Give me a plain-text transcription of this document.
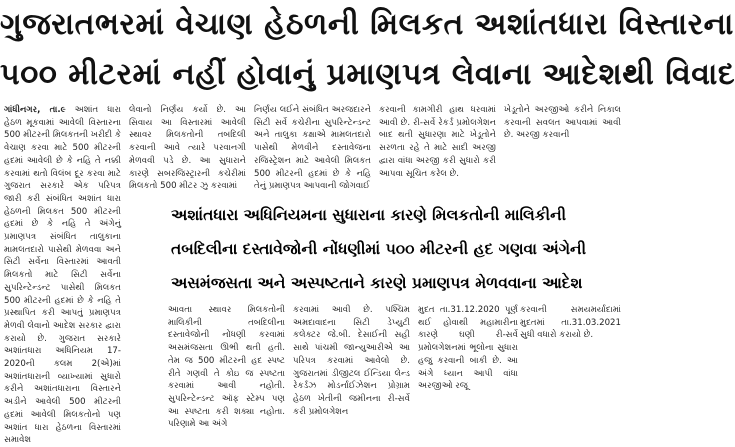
ગુજરાતભરમાં વેચાણ હેઠળની મિલકત અશાંતધારા વિસ્તારના
૫૦૦ મીટરમાં નહીં હોવાનું પ્રમાણપત્ર લેવાના આદેશથી વિવાદ

ગાંધીનગર, તા.૯ અશાંત ધારા હેઠળ મૂકવામાં આવેલી વિસ્તારના 500 મીટરની મિલકતની ખરીદી કે વેચાણ કરવા માટે 500 મીટરની હદમાં આવેલી છે કે નહિ તે નક્કી કરવામાં થતો વિલંબ દૂર કરવા માટે ગુજરાત સરકારે એક પરિપત્ર જારી કરી સંબંધિત અશાંત ધારા હેઠળની મિલકત 500 મીટરની હદમાં છે કે નહિ તે અંગેનું પ્રમાણપત્ર સંબંધિત તાલુકાના મામલતદારો પાસેથી મેળવવા અને સિટી સર્વેના વિસ્તારમાં આવતી મિલકતો માટે સિટી સર્વેના સુપરિન્ટેન્ડન્ટ પાસેથી મિલકત 500 મીટરની હદમાં છે કે નહિ તે પ્રસ્થાપિત કરી આપતું પ્રમાણપત્ર મેળવી લેવાનો આદેશ સરકાર દ્વારા કરાયો છે. ગુજરાત સરકારે અશાંતધારા અધિનિયમ 17-2020ની કલમ 2(એ)માં અશાંતધારાની વ્યાખ્યામાં સુધારો કરીને અશાંતધારાના વિસ્તારને અડીને આવેલી 500 મીટરની હદમાં આવેલી મિલકતોનો પણ અશાંત ધારા હેઠળના વિસ્તારમાં સમાવેશ

લેવાનો નિર્ણય કર્યો છે. આ સિવાય આ વિસ્તારમાં આવેલી સ્થાવર મિલકતોની તબદિલી કરવાની આવે ત્યારે પરવાનગી મેળવવી પડે છે. આ સુધારાને કારણે સબરજિસ્ટ્રારની કચેરીમાં મિલકતો 500 મીટર ઝુ કરવામાં

નિર્ણય લઈને સંબંધિત અરજદારને સિટી સર્વે કચેરીના સુપરિન્ટેન્ડન્ટ અને તાલુકા કક્ષાએ મામલતદારો પાસેથી મેળવીને દસ્તાવેજના રજિસ્ટ્રેશન માટે આવેલી મિલકત 500 મીટરની હદમાં છે કે નહિ તેનું પ્રમાણપત્ર આપવાની જોગવાઈ

કરવાની કામગીરી હાથ ધરવામાં આવી છે. રી-સર્વે રેકર્ડ પ્રમોલગેશન બાદ થતી સુધારણા માટે ખેડૂતોને સરળતા રહે તે માટે સાદી અરજી દ્વારા વાંધા અરજી કરી સુધારો કરી આપવા સૂચિત કરેલ છે.

ખેડૂતોને અરજીઓ કરીને નિકાલ કરવાની સવલત આપવામાં આવી છે. અરજી કરવાની

અશાંતધારા અધિનિયમના સુધારાના કારણે મિલકતોની માલિકીની
તબદિલીના દસ્તાવેજોની નોંધણીમાં ૫૦૦ મીટરની હદ ગણવા અંગેની
અસમંજસતા અને અસ્પષ્ટતાને કારણે પ્રમાણપત્ર મેળવવાના આદેશ

આવતા સ્થાવર મિલકતોની માલિકીની તબદિલીના દસ્તાવેજોની નોંધણી કરવામાં અસમંજસતા ઊભી થતી હતી. તેમ જ 500 મીટરની હદ સ્પષ્ટ રીતે ગણવી તે કોઇ જ સ્પષ્ટતા કરવામાં આવી નહોતી. સુપરિન્ટેન્ડન્ટ ઑફ સ્ટેમ્પ પણ આ સ્પષ્ટતા કરી શક્યા નહોતા. પરિણામે આ અંગે

કરવામાં આવી છે. પશ્ચિમ અમદાવાદના સિટી ડેપ્યુટી કલેક્ટર જે.બી. દેસાઈની સહી સાથે પાંચમી જાન્યુઆરીએ આ પરિપત્ર કરવામાં આવેલો છે. ગુજરાતમાં ડીજીટલ ઈન્ડિયા લેન્ડ રેકર્ડઝ મોડર્નાઈઝેશન પ્રોગ્રામ હેઠળ ખેતીની જમીનના રી-સર્વે કરી પ્રમોલગેશન

મુદત તા.31.12.2020 પૂર્ણ થઈ હોવાથી મહામારીના કારણે ઘણી રી-સર્વે પ્રમોલગેશનમાં ભૂલોના સુધારા હજુ કરવાની બાકી છે. આ અંગે ધ્યાન આપી વાંધા અરજીઓ રજૂ

કરવાની સમયમર્યાદામાં મુદતમાં તા.31.03.2021 સુધી વધારો કરાયો છે.
